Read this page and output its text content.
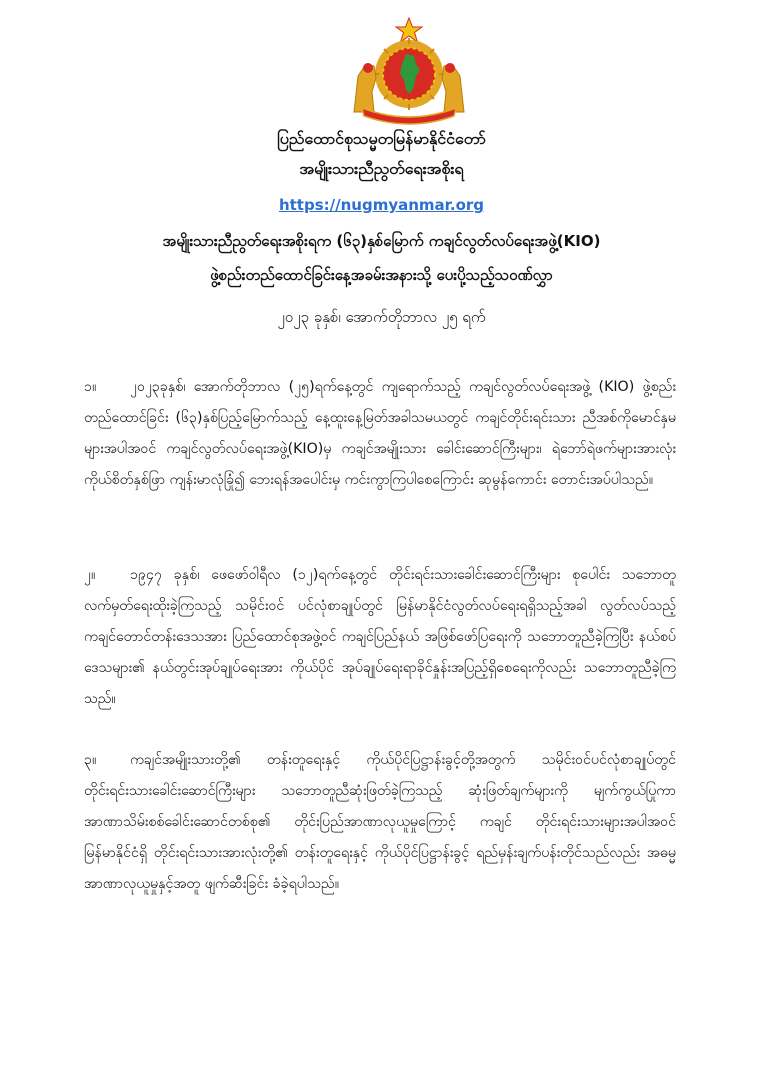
ပြည်ထောင်စုသမ္မတမြန်မာနိုင်ငံတော်
အမျိုးသားညီညွတ်ရေးအစိုးရ
https://nugmyanmar.org
အမျိုးသားညီညွတ်ရေးအစိုးရက (၆၃)နှစ်မြောက် ကချင်လွတ်လပ်ရေးအဖွဲ့(KIO)
ဖွဲ့စည်းတည်ထောင်ခြင်းနေ့အခမ်းအနားသို့ ပေးပို့သည့်သဝဏ်လွှာ
၂၀၂၃ ခုနှစ်၊ အောက်တိုဘာလ ၂၅ ရက်
၁။ ၂၀၂၃ခုနှစ်၊ အောက်တိုဘာလ (၂၅)ရက်နေ့တွင် ကျရောက်သည့် ကချင်လွတ်လပ်ရေးအဖွဲ့ (KIO) ဖွဲ့စည်းတည်ထောင်ခြင်း (၆၃)နှစ်ပြည့်မြောက်သည့် နေ့ထူးနေ့မြတ်အခါသမယတွင် ကချင်တိုင်းရင်းသား ညီအစ်ကိုမောင်နှမများအပါအဝင် ကချင်လွတ်လပ်ရေးအဖွဲ့(KIO)မှ ကချင်အမျိုးသား ခေါင်းဆောင်ကြီးများ၊ ရဲဘော်ရဲဖက်များအားလုံး ကိုယ်စိတ်နှစ်ဖြာ ကျန်းမာလုံခြုံ၍ ဘေးရန်အပေါင်းမှ ကင်းကွာကြပါစေကြောင်း ဆုမွန်ကောင်း တောင်းအပ်ပါသည်။
၂။ ၁၉၄၇ ခုနှစ်၊ ဖေဖော်ဝါရီလ (၁၂)ရက်နေ့တွင် တိုင်းရင်းသားခေါင်းဆောင်ကြီးများ စုပေါင်း သဘောတူ လက်မှတ်ရေးထိုးခဲ့ကြသည့် သမိုင်းဝင် ပင်လုံစာချုပ်တွင် မြန်မာနိုင်ငံလွတ်လပ်ရေးရရှိသည့်အခါ လွတ်လပ်သည့် ကချင်တောင်တန်းဒေသအား ပြည်ထောင်စုအဖွဲ့ဝင် ကချင်ပြည်နယ် အဖြစ်ဖော်ပြရေးကို သဘောတူညီခဲ့ကြပြီး နယ်စပ်ဒေသများ၏ နယ်တွင်းအုပ်ချုပ်ရေးအား ကိုယ်ပိုင် အုပ်ချုပ်ရေးရာခိုင်နှုန်းအပြည့်ရှိစေရေးကိုလည်း သဘောတူညီခဲ့ကြသည်။
၃။ ကချင်အမျိုးသားတို့၏ တန်းတူရေးနှင့် ကိုယ်ပိုင်ပြဋ္ဌာန်းခွင့်တို့အတွက် သမိုင်းဝင်ပင်လုံစာချုပ်တွင် တိုင်းရင်းသားခေါင်းဆောင်ကြီးများ သဘောတူညီဆုံးဖြတ်ခဲ့ကြသည့် ဆုံးဖြတ်ချက်များကို မျက်ကွယ်ပြုကာ အာဏာသိမ်းစစ်ခေါင်းဆောင်တစ်စု၏ တိုင်းပြည်အာဏာလုယူမှုကြောင့် ကချင် တိုင်းရင်းသားများအပါအဝင် မြန်မာနိုင်ငံရှိ တိုင်းရင်းသားအားလုံးတို့၏ တန်းတူရေးနှင့် ကိုယ်ပိုင်ပြဋ္ဌာန်းခွင့် ရည်မှန်းချက်ပန်းတိုင်သည်လည်း အဓမ္မအာဏာလုယူမှုနှင့်အတူ ဖျက်ဆီးခြင်း ခံခဲ့ရပါသည်။
